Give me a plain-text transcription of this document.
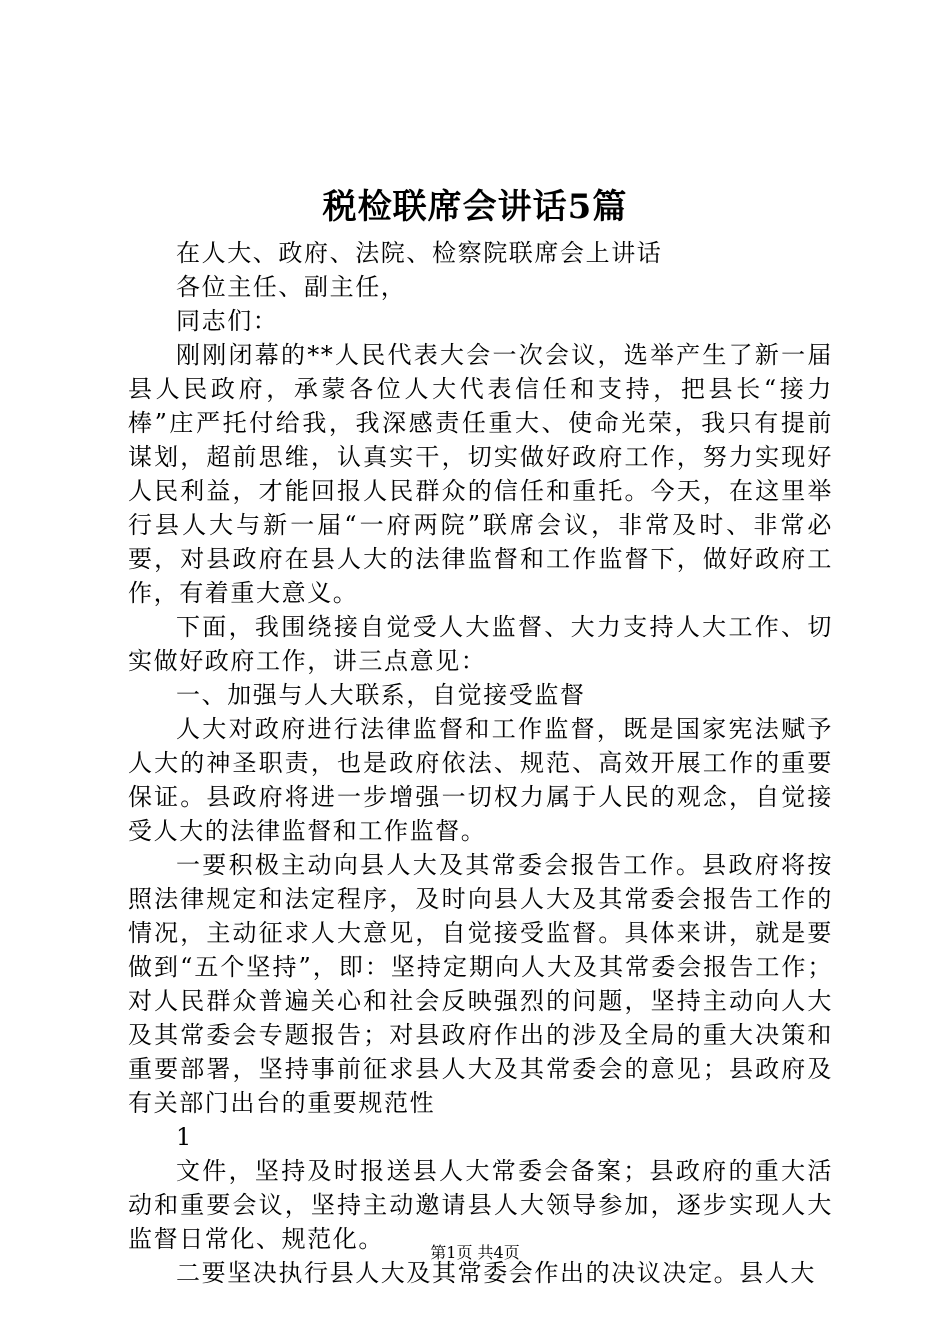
税检联席会讲话5篇

在人大、政府、法院、检察院联席会上讲话

各位主任、副主任，

同志们：

刚刚闭幕的**人民代表大会一次会议，选举产生了新一届县人民政府，承蒙各位人大代表信任和支持，把县长“接力棒”庄严托付给我，我深感责任重大、使命光荣，我只有提前谋划，超前思维，认真实干，切实做好政府工作，努力实现好人民利益，才能回报人民群众的信任和重托。今天，在这里举行县人大与新一届“一府两院”联席会议，非常及时、非常必要，对县政府在县人大的法律监督和工作监督下，做好政府工作，有着重大意义。

下面，我围绕接自觉受人大监督、大力支持人大工作、切实做好政府工作，讲三点意见：

一、加强与人大联系，自觉接受监督

人大对政府进行法律监督和工作监督，既是国家宪法赋予人大的神圣职责，也是政府依法、规范、高效开展工作的重要保证。县政府将进一步增强一切权力属于人民的观念，自觉接受人大的法律监督和工作监督。

一要积极主动向县人大及其常委会报告工作。县政府将按照法律规定和法定程序，及时向县人大及其常委会报告工作的情况，主动征求人大意见，自觉接受监督。具体来讲，就是要做到“五个坚持”，即：坚持定期向人大及其常委会报告工作；对人民群众普遍关心和社会反映强烈的问题，坚持主动向人大及其常委会专题报告；对县政府作出的涉及全局的重大决策和重要部署，坚持事前征求县人大及其常委会的意见；县政府及有关部门出台的重要规范性

1

文件，坚持及时报送县人大常委会备案；县政府的重大活动和重要会议，坚持主动邀请县人大领导参加，逐步实现人大监督日常化、规范化。

二要坚决执行县人大及其常委会作出的决议决定。县人大

第1页 共4页
